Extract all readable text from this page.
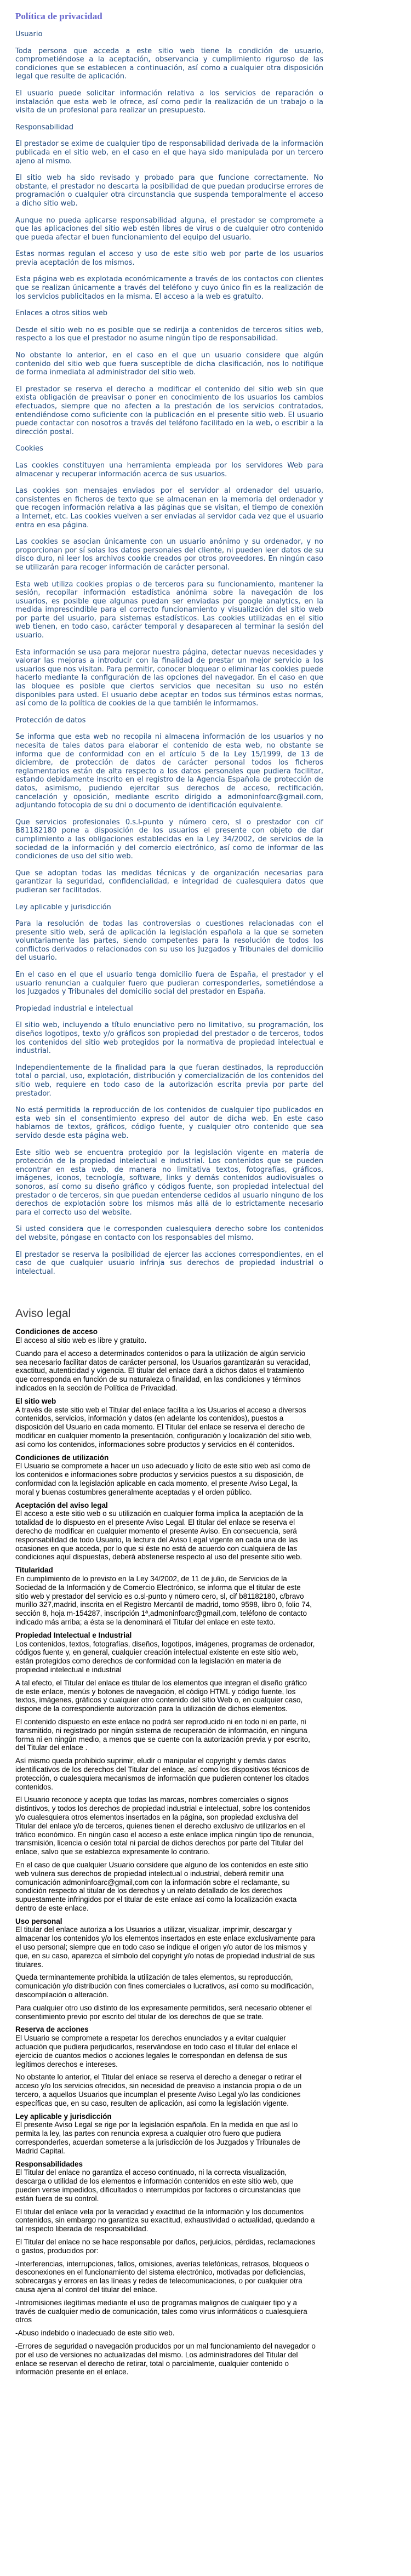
Política de privacidad

Usuario

Toda persona que acceda a este sitio web tiene la condición de usuario, comprometiéndose a la aceptación, observancia y cumplimiento riguroso de las condiciones que se establecen a continuación, así como a cualquier otra disposición legal que resulte de aplicación.

El usuario puede solicitar información relativa a los servicios de reparación o instalación que esta web le ofrece, así como pedir la realización de un trabajo o la visita de un profesional para realizar un presupuesto.

Responsabilidad

El prestador se exime de cualquier tipo de responsabilidad derivada de la información publicada en el sitio web, en el caso en el que haya sido manipulada por un tercero ajeno al mismo.

El sitio web ha sido revisado y probado para que funcione correctamente. No obstante, el prestador no descarta la posibilidad de que puedan producirse errores de programación o cualquier otra circunstancia que suspenda temporalmente el acceso a dicho sitio web.

Aunque no pueda aplicarse responsabilidad alguna, el prestador se compromete a que las aplicaciones del sitio web estén libres de virus o de cualquier otro contenido que pueda afectar el buen funcionamiento del equipo del usuario.

Estas normas regulan el acceso y uso de este sitio web por parte de los usuarios previa aceptación de los mismos.

Esta página web es explotada económicamente a través de los contactos con clientes que se realizan únicamente a través del teléfono y cuyo único fin es la realización de los servicios publicitados en la misma. El acceso a la web es gratuito.

Enlaces a otros sitios web

Desde el sitio web no es posible que se redirija a contenidos de terceros sitios web, respecto a los que el prestador no asume ningún tipo de responsabilidad.

No obstante lo anterior, en el caso en el que un usuario considere que algún contenido del sitio web que fuera susceptible de dicha clasificación, nos lo notifique de forma inmediata al administrador del sitio web.

El prestador se reserva el derecho a modificar el contenido del sitio web sin que exista obligación de preavisar o poner en conocimiento de los usuarios los cambios efectuados, siempre que no afecten a la prestación de los servicios contratados, entendiéndose como suficiente con la publicación en el presente sitio web. El usuario puede contactar con nosotros a través del teléfono facilitado en la web, o escribir a la dirección postal.

Cookies

Las cookies constituyen una herramienta empleada por los servidores Web para almacenar y recuperar información acerca de sus usuarios.

Las cookies son mensajes enviados por el servidor al ordenador del usuario, consistentes en ficheros de texto que se almacenan en la memoria del ordenador y que recogen información relativa a las páginas que se visitan, el tiempo de conexión a Internet, etc. Las cookies vuelven a ser enviadas al servidor cada vez que el usuario entra en esa página.

Las cookies se asocian únicamente con un usuario anónimo y su ordenador, y no proporcionan por sí solas los datos personales del cliente, ni pueden leer datos de su disco duro, ni leer los archivos cookie creados por otros proveedores. En ningún caso se utilizarán para recoger información de carácter personal.

Esta web utiliza cookies propias o de terceros para su funcionamiento, mantener la sesión, recopilar información estadística anónima sobre la navegación de los usuarios, es posible que algunas puedan ser enviadas por google analytics, en la medida imprescindible para el correcto funcionamiento y visualización del sitio web por parte del usuario, para sistemas estadísticos. Las cookies utilizadas en el sitio web tienen, en todo caso, carácter temporal y desaparecen al terminar la sesión del usuario.

Esta información se usa para mejorar nuestra página, detectar nuevas necesidades y valorar las mejoras a introducir con la finalidad de prestar un mejor servicio a los usuarios que nos visitan. Para permitir, conocer bloquear o eliminar las cookies puede hacerlo mediante la configuración de las opciones del navegador. En el caso en que las bloquee es posible que ciertos servicios que necesitan su uso no estén disponibles para usted. El usuario debe aceptar en todos sus términos estas normas, así como de la política de cookies de la que también le informamos.

Protección de datos

Se informa que esta web no recopila ni almacena información de los usuarios y no necesita de tales datos para elaborar el contenido de esta web, no obstante se informa que de conformidad con en el artículo 5 de la Ley 15/1999, de 13 de diciembre, de protección de datos de carácter personal todos los ficheros reglamentarios están de alta respecto a los datos personales que pudiera facilitar, estando debidamente inscrito en el registro de la Agencia Española de protección de datos, asimismo, pudiendo ejercitar sus derechos de acceso, rectificación, cancelación y oposición, mediante escrito dirigido a admoninfoarc@gmail.com, adjuntando fotocopia de su dni o documento de identificación equivalente.

Que servicios profesionales 0.s.l-punto y número cero, sl o prestador con cif B81182180 pone a disposición de los usuarios el presente con objeto de dar cumplimiento a las obligaciones establecidas en la Ley 34/2002, de servicios de la sociedad de la información y del comercio electrónico, así como de informar de las condiciones de uso del sitio web.

Que se adoptan todas las medidas técnicas y de organización necesarias para garantizar la seguridad, confidencialidad, e integridad de cualesquiera datos que pudieran ser facilitados.

Ley aplicable y jurisdicción

Para la resolución de todas las controversias o cuestiones relacionadas con el presente sitio web, será de aplicación la legislación española a la que se someten voluntariamente las partes, siendo competentes para la resolución de todos los conflictos derivados o relacionados con su uso los Juzgados y Tribunales del domicilio del usuario.

En el caso en el que el usuario tenga domicilio fuera de España, el prestador y el usuario renuncian a cualquier fuero que pudieran corresponderles, sometiéndose a los Juzgados y Tribunales del domicilio social del prestador en España.

Propiedad industrial e intelectual

El sitio web, incluyendo a título enunciativo pero no limitativo, su programación, los diseños logotipos, texto y/o gráficos son propiedad del prestador o de terceros, todos los contenidos del sitio web protegidos por la normativa de propiedad intelectual e industrial.

Independientemente de la finalidad para la que fueran destinados, la reproducción total o parcial, uso, explotación, distribución y comercialización de los contenidos del sitio web, requiere en todo caso de la autorización escrita previa por parte del prestador.

No está permitida la reproducción de los contenidos de cualquier tipo publicados en esta web sin el consentimiento expreso del autor de dicha web. En este caso hablamos de textos, gráficos, código fuente, y cualquier otro contenido que sea servido desde esta página web.

Este sitio web se encuentra protegido por la legislación vigente en materia de protección de la propiedad intelectual e industrial. Los contenidos que se pueden encontrar en esta web, de manera no limitativa textos, fotografías, gráficos, imágenes, iconos, tecnología, software, links y demás contenidos audiovisuales o sonoros, así como su diseño gráfico y códigos fuente, son propiedad intelectual del prestador o de terceros, sin que puedan entenderse cedidos al usuario ninguno de los derechos de explotación sobre los mismos más allá de lo estrictamente necesario para el correcto uso del website.

Si usted considera que le corresponden cualesquiera derecho sobre los contenidos del website, póngase en contacto con los responsables del mismo.

El prestador se reserva la posibilidad de ejercer las acciones correspondientes, en el caso de que cualquier usuario infrinja sus derechos de propiedad industrial o intelectual.

Aviso legal
Condiciones de acceso

El acceso al sitio web es libre y gratuito.

Cuando para el acceso a determinados contenidos o para la utilización de algún servicio sea necesario facilitar datos de carácter personal, los Usuarios garantizarán su veracidad, exactitud, autenticidad y vigencia. El titular del enlace dará a dichos datos el tratamiento que corresponda en función de su naturaleza o finalidad, en las condiciones y términos indicados en la sección de Política de Privacidad.

El sitio web

A través de este sitio web el Titular del enlace facilita a los Usuarios el acceso a diversos contenidos, servicios, información y datos (en adelante los contenidos), puestos a disposición del Usuario en cada momento. El Titular del enlace se reserva el derecho de modificar en cualquier momento la presentación, configuración y localización del sitio web, así como los contenidos, informaciones sobre productos y servicios en él contenidos.

Condiciones de utilización

El Usuario se compromete a hacer un uso adecuado y lícito de este sitio web así como de los contenidos e informaciones sobre productos y servicios puestos a su disposición, de conformidad con la legislación aplicable en cada momento, el presente Aviso Legal, la moral y buenas costumbres generalmente aceptadas y el orden público.

Aceptación del aviso legal

El acceso a este sitio web o su utilización en cualquier forma implica la aceptación de la totalidad de lo dispuesto en el presente Aviso Legal. El titular del enlace se reserva el derecho de modificar en cualquier momento el presente Aviso. En consecuencia, será responsabilidad de todo Usuario, la lectura del Aviso Legal vigente en cada una de las ocasiones en que acceda, por lo que si éste no está de acuerdo con cualquiera de las condiciones aquí dispuestas, deberá abstenerse respecto al uso del presente sitio web.

Titularidad

En cumplimiento de lo previsto en la Ley 34/2002, de 11 de julio, de Servicios de la Sociedad de la Información y de Comercio Electrónico, se informa que el titular de este sitio web y prestador del servicio es o.sl-punto y número cero, sl, cif b81182180, c/bravo murillo 327,madrid, inscrita en el Registro Mercantil de madrid, tomo 9598, libro 0, folio 74, sección 8, hoja m-154287, inscripción 1ª,admoninfoarc@gmail,com, teléfono de contacto indicado más arriba; a ésta se la denominará el Titular del enlace en este texto.

Propiedad Intelectual e Industrial

Los contenidos, textos, fotografías, diseños, logotipos, imágenes, programas de ordenador, códigos fuente y, en general, cualquier creación intelectual existente en este sitio web, están protegidos como derechos de conformidad con la legislación en materia de propiedad intelectual e industrial

A tal efecto, el Titular del enlace es titular de los elementos que integran el diseño gráfico de este enlace, menús y botones de navegación, el código HTML y código fuente, los textos, imágenes, gráficos y cualquier otro contenido del sitio Web o, en cualquier caso, dispone de la correspondiente autorización para la utilización de dichos elementos.

El contenido dispuesto en este enlace no podrá ser reproducido ni en todo ni en parte, ni transmitido, ni registrado por ningún sistema de recuperación de información, en ninguna forma ni en ningún medio, a menos que se cuente con la autorización previa y por escrito, del Titular del enlace .

Así mismo queda prohibido suprimir, eludir o manipular el copyright y demás datos identificativos de los derechos del Titular del enlace, así como los dispositivos técnicos de protección, o cualesquiera mecanismos de información que pudieren contener los citados contenidos.

El Usuario reconoce y acepta que todas las marcas, nombres comerciales o signos distintivos, y todos los derechos de propiedad industrial e intelectual, sobre los contenidos y/o cualesquiera otros elementos insertados en la página, son propiedad exclusiva del Titular del enlace y/o de terceros, quienes tienen el derecho exclusivo de utilizarlos en el tráfico económico. En ningún caso el acceso a este enlace implica ningún tipo de renuncia, transmisión, licencia o cesión total ni parcial de dichos derechos por parte del Titular del enlace, salvo que se establezca expresamente lo contrario.

En el caso de que cualquier Usuario considere que alguno de los contenidos en este sitio web vulnera sus derechos de propiedad intelectual o industrial, deberá remitir una comunicación admoninfoarc@gmail,com con la información sobre el reclamante, su condición respecto al titular de los derechos y un relato detallado de los derechos supuestamente infringidos por el titular de este enlace así como la localización exacta dentro de este enlace.

Uso personal

El titular del enlace autoriza a los Usuarios a utilizar, visualizar, imprimir, descargar y almacenar los contenidos y/o los elementos insertados en este enlace exclusivamente para el uso personal; siempre que en todo caso se indique el origen y/o autor de los mismos y que, en su caso, aparezca el símbolo del copyright y/o notas de propiedad industrial de sus titulares.

Queda terminantemente prohibida la utilización de tales elementos, su reproducción, comunicación y/o distribución con fines comerciales o lucrativos, así como su modificación, descompilación o alteración.

Para cualquier otro uso distinto de los expresamente permitidos, será necesario obtener el consentimiento previo por escrito del titular de los derechos de que se trate.

Reserva de acciones

El Usuario se compromete a respetar los derechos enunciados y a evitar cualquier actuación que pudiera perjudicarlos, reservándose en todo caso el titular del enlace el ejercicio de cuantos medios o acciones legales le correspondan en defensa de sus legítimos derechos e intereses.

No obstante lo anterior, el Titular del enlace se reserva el derecho a denegar o retirar el acceso y/o los servicios ofrecidos, sin necesidad de preaviso a instancia propia o de un tercero, a aquellos Usuarios que incumplan el presente Aviso Legal y/o las condiciones específicas que, en su caso, resulten de aplicación, así como la legislación vigente.

Ley aplicable y jurisdicción

El presente Aviso Legal se rige por la legislación española. En la medida en que así lo permita la ley, las partes con renuncia expresa a cualquier otro fuero que pudiera corresponderles, acuerdan someterse a la jurisdicción de los Juzgados y Tribunales de Madrid Capital.

Responsabilidades

El Titular del enlace no garantiza el acceso continuado, ni la correcta visualización, descarga o utilidad de los elementos e información contenidos en este sitio web, que pueden verse impedidos, dificultados o interrumpidos por factores o circunstancias que están fuera de su control.

El titular del enlace vela por la veracidad y exactitud de la información y los documentos contenidos, sin embargo no garantiza su exactitud, exhaustividad o actualidad, quedando a tal respecto liberada de responsabilidad.

El Titular del enlace no se hace responsable por daños, perjuicios, pérdidas, reclamaciones o gastos, producidos por:

-Interferencias, interrupciones, fallos, omisiones, averías telefónicas, retrasos, bloqueos o desconexiones en el funcionamiento del sistema electrónico, motivadas por deficiencias, sobrecargas y errores en las líneas y redes de telecomunicaciones, o por cualquier otra causa ajena al control del titular del enlace.

-Intromisiones ilegítimas mediante el uso de programas malignos de cualquier tipo y a través de cualquier medio de comunicación, tales como virus informáticos o cualesquiera otros

-Abuso indebido o inadecuado de este sitio web.

-Errores de seguridad o navegación producidos por un mal funcionamiento del navegador o por el uso de versiones no actualizadas del mismo. Los administradores del Titular del enlace se reservan el derecho de retirar, total o parcialmente, cualquier contenido o información presente en el enlace.
